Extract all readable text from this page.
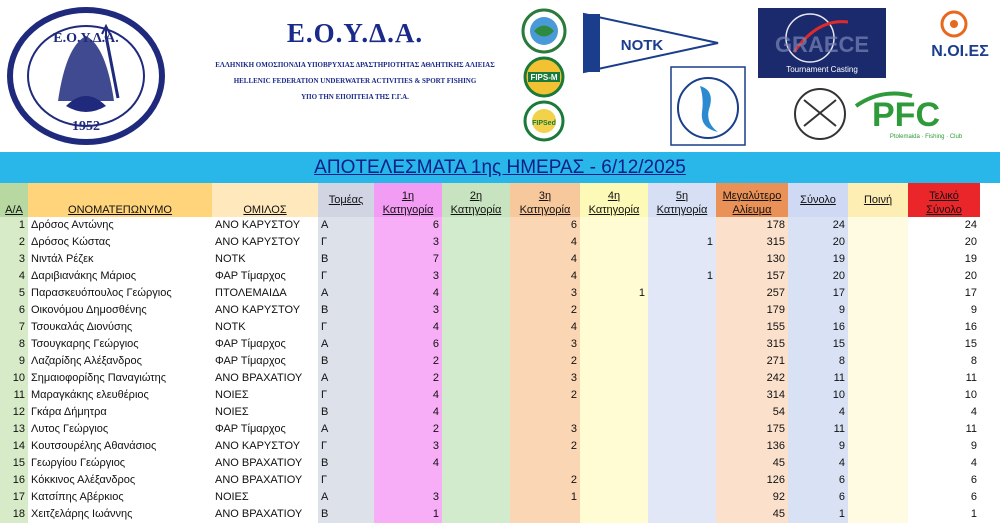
Ε.Ο.Υ.Δ.Α.
1952
Ε.Ο.Υ.Δ.Α.
ΕΛΛΗΝΙΚΗ ΟΜΟΣΠΟΝΔΙΑ ΥΠΟΒΡΥΧΙΑΣ ΔΡΑΣΤΗΡΙΟΤΗΤΑΣ ΑΘΛΗΤΙΚΗΣ ΑΛΙΕΙΑΣ
HELLENIC FEDERATION UNDERWATER ACTIVITIES & SPORT FISHING
ΥΠΟ ΤΗΝ ΕΠΟΠΤΕΙΑ ΤΗΣ Γ.Γ.Α.
FIPS-M
FIPSed
ΝΟΤΚ	GRAECE
Tournament Casting
Ν.ΟΙ.ΕΣ
PFC
Ptolemaida · Fishing · Club
ΑΠΟΤΕΛΕΣΜΑΤΑ 1ης ΗΜΕΡΑΣ - 6/12/2025
Α/Α	ΟΝΟΜΑΤΕΠΩΝΥΜΟ	ΟΜΙΛΟΣ	Τομέας	1η
Κατηγορία	2η
Κατηγορία	3η
Κατηγορία	4η
Κατηγορία	5η
Κατηγορία	Μεγαλύτερο
Αλίευμα	Σύνολο	Ποινή	Τελικό
Σύνολο
1	Δρόσος Αντώνης	ΑΝΟ ΚΑΡΥΣΤΟΥ	Α	6		6			178	24		24
2	Δρόσος Κώστας	ΑΝΟ ΚΑΡΥΣΤΟΥ	Γ	3		4		1	315	20		20
3	Νιντάλ Ρέζεκ	ΝΟΤΚ	Β	7		4			130	19		19
4	Δαριβιανάκης Μάριος	ΦΑΡ Τίμαρχος	Γ	3		4		1	157	20		20
5	Παρασκευόπουλος Γεώργιος	ΠΤΟΛΕΜΑΙΔΑ	Α	4		3	1		257	17		17
6	Οικονόμου Δημοσθένης	ΑΝΟ ΚΑΡΥΣΤΟΥ	Β	3		2			179	9		9
7	Τσουκαλάς Διονύσης	ΝΟΤΚ	Γ	4		4			155	16		16
8	Τσουγκαρης Γεώργιος	ΦΑΡ Τίμαρχος	Α	6		3			315	15		15
9	Λαζαρίδης Αλέξανδρος	ΦΑΡ Τίμαρχος	Β	2		2			271	8		8
10	Σημαιοφορίδης Παναγιώτης	ΑΝΟ ΒΡΑΧΑΤΙΟΥ	Α	2		3			242	11		11
11	Μαραγκάκης ελευθέριος	ΝΟΙΕΣ	Γ	4		2			314	10		10
12	Γκάρα Δήμητρα	ΝΟΙΕΣ	Β	4					54	4		4
13	Λυτος Γεώργιος	ΦΑΡ Τίμαρχος	Α	2		3			175	11		11
14	Κουτσουρέλης Αθανάσιος	ΑΝΟ ΚΑΡΥΣΤΟΥ	Γ	3		2			136	9		9
15	Γεωργίου Γεώργιος	ΑΝΟ ΒΡΑΧΑΤΙΟΥ	Β	4					45	4		4
16	Κόκκινος Αλέξανδρος	ΑΝΟ ΒΡΑΧΑΤΙΟΥ	Γ			2			126	6		6
17	Κατσίπης Αβέρκιος	ΝΟΙΕΣ	Α	3		1			92	6		6
18	Χειτζελάρης Ιωάννης	ΑΝΟ ΒΡΑΧΑΤΙΟΥ	Β	1					45	1		1
